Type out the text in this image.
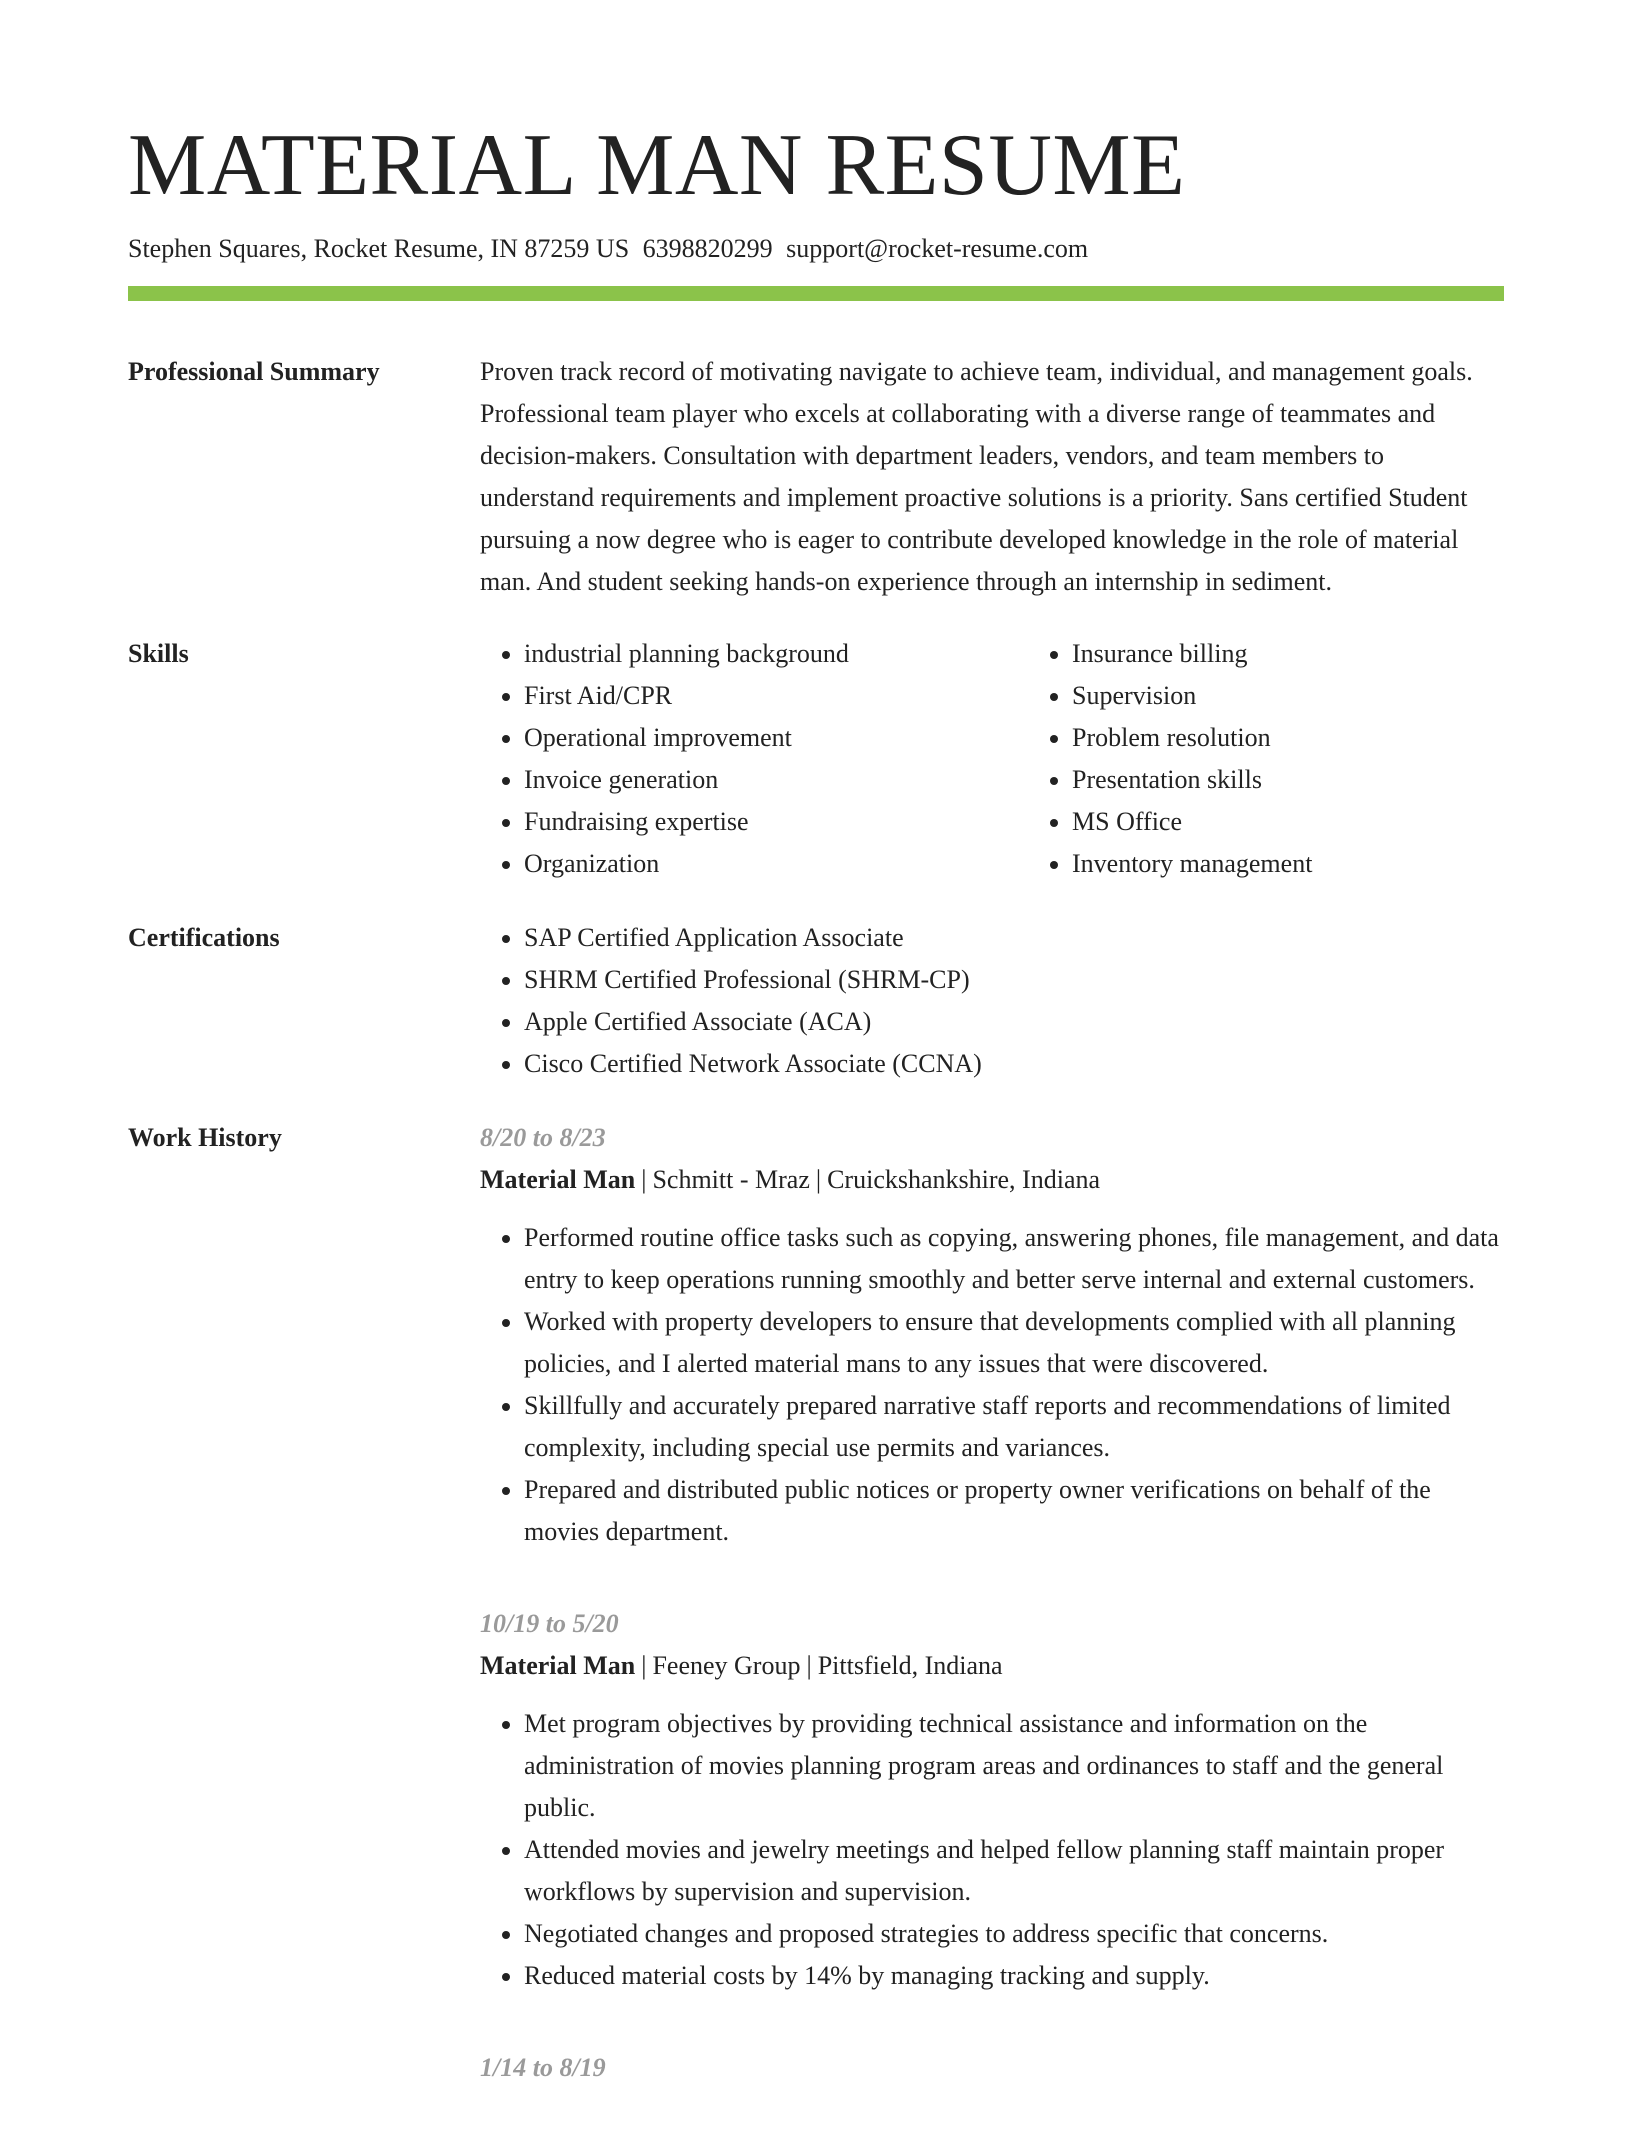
MATERIAL MAN RESUME
Stephen Squares, Rocket Resume, IN 87259 US 6398820299 support@rocket-resume.com
Professional Summary	Proven track record of motivating navigate to achieve team, individual, and management goals. Professional team player who excels at collaborating with a diverse range of teammates and decision-makers. Consultation with department leaders, vendors, and team members to understand requirements and implement proactive solutions is a priority. Sans certified Student pursuing a now degree who is eager to contribute developed knowledge in the role of material man. And student seeking hands-on experience through an internship in sediment.

Skills	• industrial planning background
• First Aid/CPR
• Operational improvement
• Invoice generation
• Fundraising expertise
• Organization
• Insurance billing
• Supervision
• Problem resolution
• Presentation skills
• MS Office
• Inventory management
Certifications	• SAP Certified Application Associate
• SHRM Certified Professional (SHRM-CP)
• Apple Certified Associate (ACA)
• Cisco Certified Network Associate (CCNA)
Work History	8/20 to 8/23
Material Man | Schmitt - Mraz | Cruickshankshire, Indiana
• Performed routine office tasks such as copying, answering phones, file management, and data entry to keep operations running smoothly and better serve internal and external customers.
• Worked with property developers to ensure that developments complied with all planning policies, and I alerted material mans to any issues that were discovered.
• Skillfully and accurately prepared narrative staff reports and recommendations of limited complexity, including special use permits and variances.
• Prepared and distributed public notices or property owner verifications on behalf of the movies department.
10/19 to 5/20
Material Man | Feeney Group | Pittsfield, Indiana
• Met program objectives by providing technical assistance and information on the administration of movies planning program areas and ordinances to staff and the general public.
• Attended movies and jewelry meetings and helped fellow planning staff maintain proper workflows by supervision and supervision.
• Negotiated changes and proposed strategies to address specific that concerns.
• Reduced material costs by 14% by managing tracking and supply.
1/14 to 8/19
